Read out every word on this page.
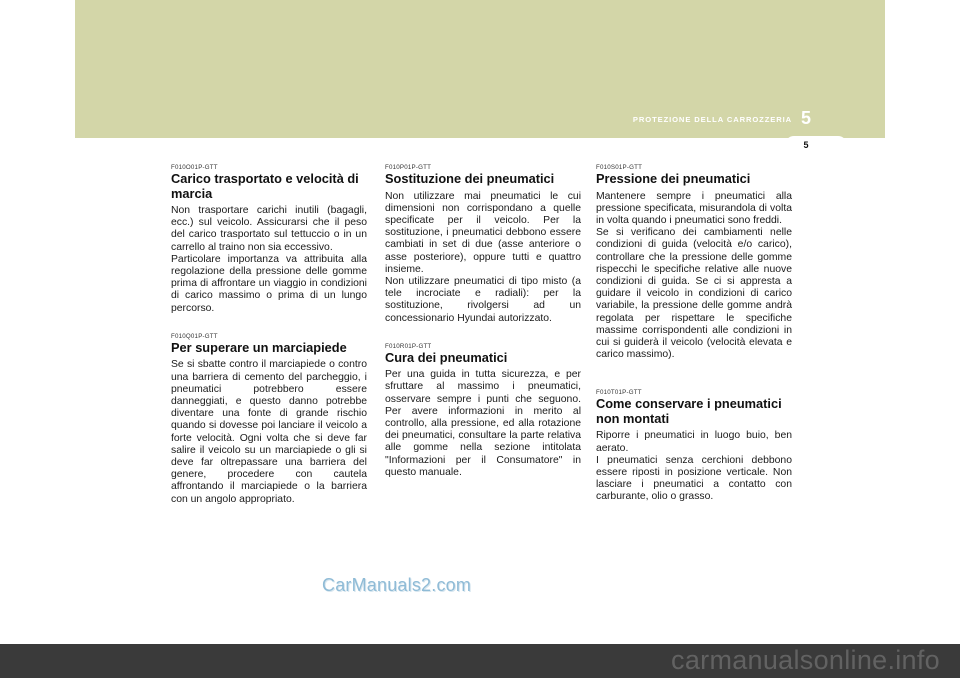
PROTEZIONE DELLA CARROZZERIA 5
5
F010O01P-GTT
Carico trasportato e velocità di marcia

Non trasportare carichi inutili (bagagli, ecc.) sul veicolo. Assicurarsi che il peso del carico trasportato sul tettuccio o in un carrello al traino non sia eccessivo.

Particolare importanza va attribuita alla regolazione della pressione delle gomme prima di affrontare un viaggio in condizioni di carico massimo o prima di un lungo percorso.

F010Q01P-GTT
Per superare un marciapiede

Se si sbatte contro il marciapiede o contro una barriera di cemento del parcheggio, i pneumatici potrebbero essere danneggiati, e questo danno potrebbe diventare una fonte di grande rischio quando si dovesse poi lanciare il veicolo a forte velocità. Ogni volta che si deve far salire il veicolo su un marciapiede o gli si deve far oltrepassare una barriera del genere, procedere con cautela affrontando il marciapiede o la barriera con un angolo appropriato.

F010P01P-GTT
Sostituzione dei pneumatici

Non utilizzare mai pneumatici le cui dimensioni non corrispondano a quelle specificate per il veicolo. Per la sostituzione, i pneumatici debbono essere cambiati in set di due (asse anteriore o asse posteriore), oppure tutti e quattro insieme.

Non utilizzare pneumatici di tipo misto (a tele incrociate e radiali): per la sostituzione, rivolgersi ad un concessionario Hyundai autorizzato.

F010R01P-GTT
Cura dei pneumatici

Per una guida in tutta sicurezza, e per sfruttare al massimo i pneumatici, osservare sempre i punti che seguono. Per avere informazioni in merito al controllo, alla pressione, ed alla rotazione dei pneumatici, consultare la parte relativa alle gomme nella sezione intitolata "Informazioni per il Consumatore" in questo manuale.

F010S01P-GTT
Pressione dei pneumatici

Mantenere sempre i pneumatici alla pressione specificata, misurandola di volta in volta quando i pneumatici sono freddi.

Se si verificano dei cambiamenti nelle condizioni di guida (velocità e/o carico), controllare che la pressione delle gomme rispecchi le specifiche relative alle nuove condizioni di guida. Se ci si appresta a guidare il veicolo in condizioni di carico variabile, la pressione delle gomme andrà regolata per rispettare le specifiche massime corrispondenti alle condizioni in cui si guiderà il veicolo (velocità elevata e carico massimo).

F010T01P-GTT
Come conservare i pneumatici non montati

Riporre i pneumatici in luogo buio, ben aerato.

I pneumatici senza cerchioni debbono essere riposti in posizione verticale. Non lasciare i pneumatici a contatto con carburante, olio o grasso.

CarManuals2.com
carmanualsonline.info
